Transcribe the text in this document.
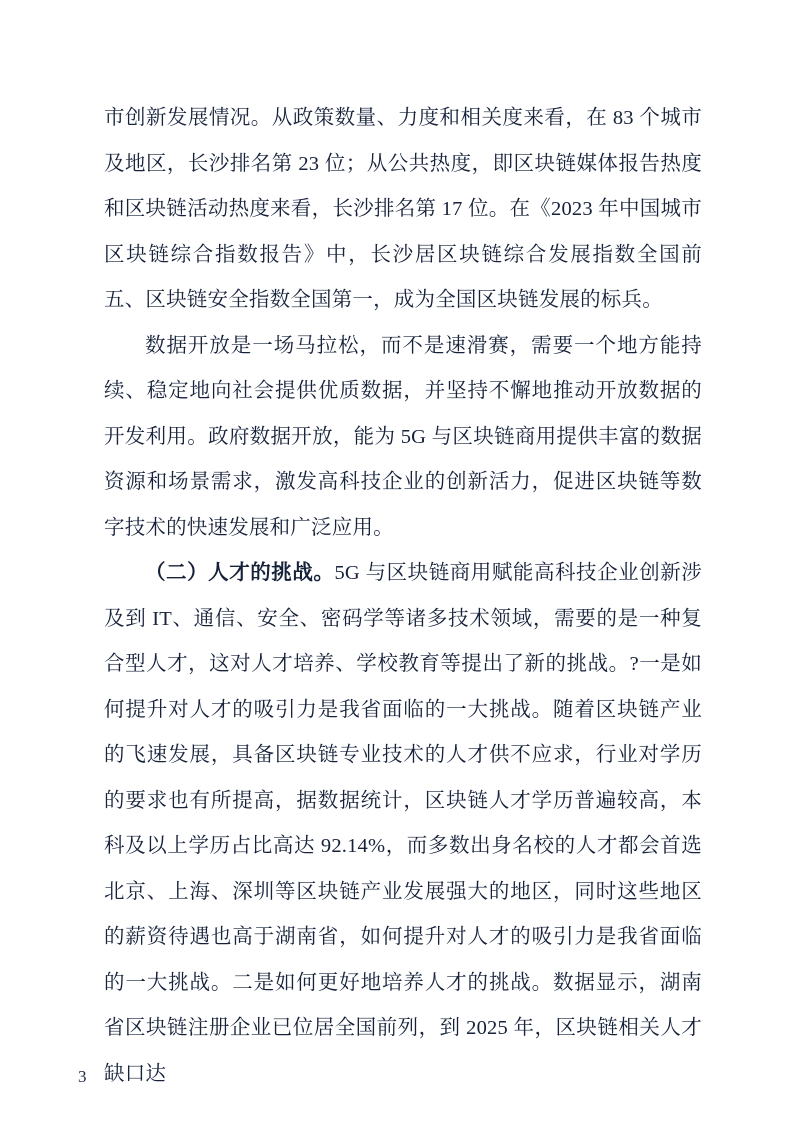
市创新发展情况。从政策数量、力度和相关度来看，在 83 个城市及地区，长沙排名第 23 位；从公共热度，即区块链媒体报告热度和区块链活动热度来看，长沙排名第 17 位。在《2023 年中国城市区块链综合指数报告》中，长沙居区块链综合发展指数全国前五、区块链安全指数全国第一，成为全国区块链发展的标兵。

数据开放是一场马拉松，而不是速滑赛，需要一个地方能持续、稳定地向社会提供优质数据，并坚持不懈地推动开放数据的开发利用。政府数据开放，能为 5G 与区块链商用提供丰富的数据资源和场景需求，激发高科技企业的创新活力，促进区块链等数字技术的快速发展和广泛应用。

（二）人才的挑战。5G 与区块链商用赋能高科技企业创新涉及到 IT、通信、安全、密码学等诸多技术领域，需要的是一种复合型人才，这对人才培养、学校教育等提出了新的挑战。?一是如何提升对人才的吸引力是我省面临的一大挑战。随着区块链产业的飞速发展，具备区块链专业技术的人才供不应求，行业对学历的要求也有所提高，据数据统计，区块链人才学历普遍较高，本科及以上学历占比高达 92.14%，而多数出身名校的人才都会首选北京、上海、深圳等区块链产业发展强大的地区，同时这些地区的薪资待遇也高于湖南省，如何提升对人才的吸引力是我省面临的一大挑战。二是如何更好地培养人才的挑战。数据显示，湖南省区块链注册企业已位居全国前列，到 2025 年，区块链相关人才缺口达

3
